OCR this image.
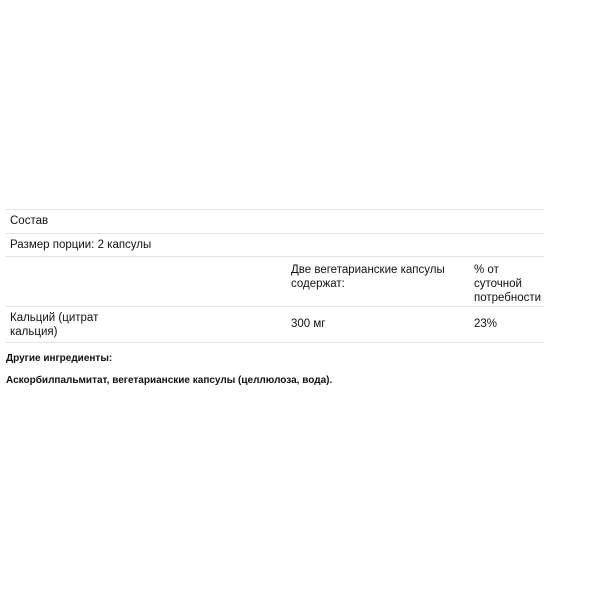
Состав
Размер порции: 2 капсулы
Две вегетарианские капсулы содержат:
% от суточной потребности
Кальций (цитрат кальция)
300 мг	23%
Другие ингредиенты:
Аскорбилпальмитат, вегетарианские капсулы (целлюлоза, вода).
